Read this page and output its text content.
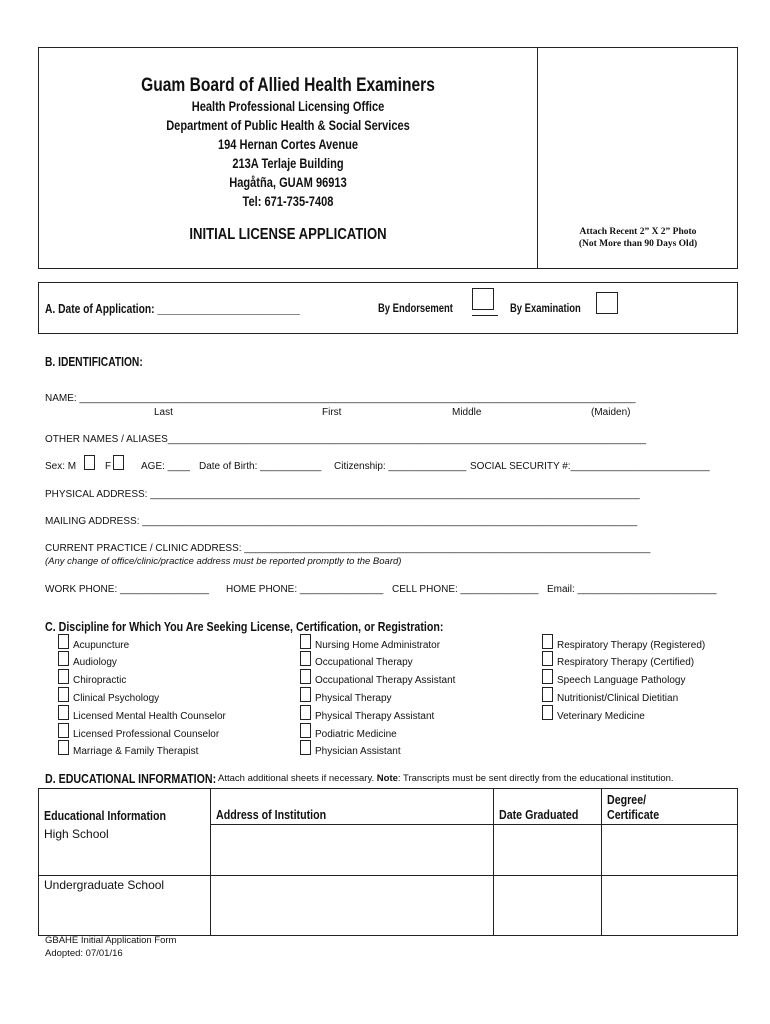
Guam Board of Allied Health Examiners
Health Professional Licensing Office
Department of Public Health & Social Services
194 Hernan Cortes Avenue
213A Terlaje Building
Hagåtña, GUAM 96913
Tel: 671-735-7408
INITIAL LICENSE APPLICATION	Attach Recent 2” X 2” Photo
(Not More than 90 Days Old)
A. Date of Application: _________________________	By Endorsement	By Examination
B. IDENTIFICATION:
NAME: ____________________________________________________________________________________________________
Last	First	Middle	(Maiden)
OTHER NAMES / ALIASES______________________________________________________________________________________
Sex: M	F	AGE: ____ Date of Birth: ___________ Citizenship: ______________ SOCIAL SECURITY #:_________________________
PHYSICAL ADDRESS: ________________________________________________________________________________________
MAILING ADDRESS: _________________________________________________________________________________________
CURRENT PRACTICE / CLINIC ADDRESS: _________________________________________________________________________
(Any change of office/clinic/practice address must be reported promptly to the Board)
WORK PHONE: ________________ HOME PHONE: _______________ CELL PHONE: ______________ Email: _________________________
C. Discipline for Which You Are Seeking License, Certification, or Registration:
Acupuncture
Audiology
Chiropractic
Clinical Psychology
Licensed Mental Health Counselor
Licensed Professional Counselor
Marriage & Family Therapist
Nursing Home Administrator
Occupational Therapy
Occupational Therapy Assistant
Physical Therapy
Physical Therapy Assistant
Podiatric Medicine
Physician Assistant
Respiratory Therapy (Registered)
Respiratory Therapy (Certified)
Speech Language Pathology
Nutritionist/Clinical Dietitian
Veterinary Medicine
D. EDUCATIONAL INFORMATION: Attach additional sheets if necessary. Note: Transcripts must be sent directly from the educational institution.
Educational Information	Address of Institution	Date Graduated	Degree/
Certificate
High School			
Undergraduate School			
GBAHE Initial Application Form
Adopted: 07/01/16
